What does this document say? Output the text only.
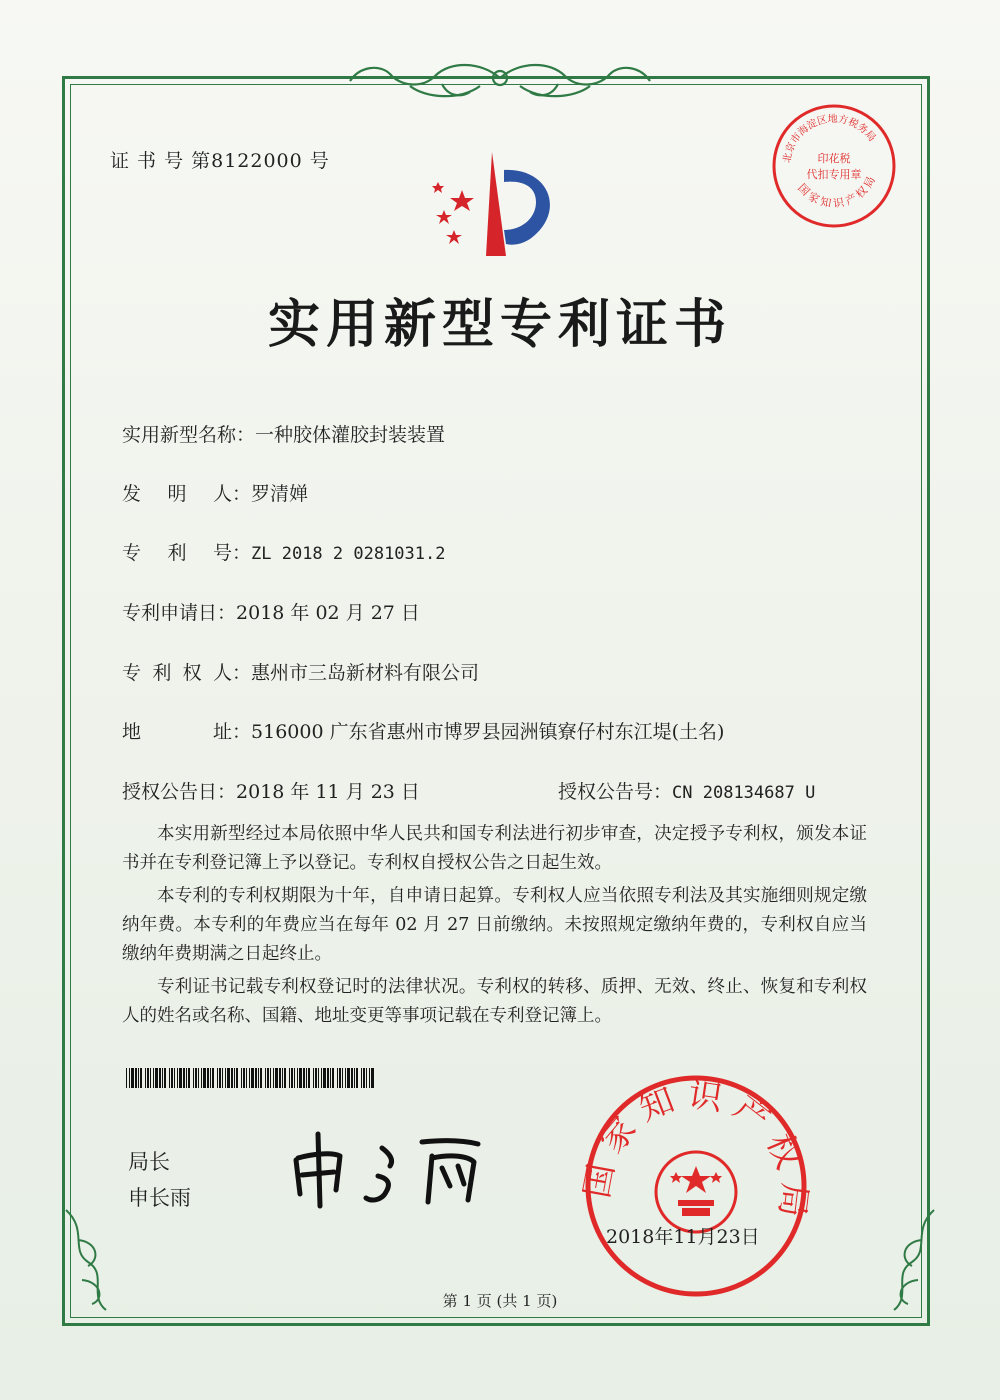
证 书 号 第8122000 号	北京市海淀区地方税务局
国家知识产权局
印花税
代扣专用章
实用新型专利证书
实用新型名称：一种胶体灌胶封装装置
发 明 人 ：罗清婵
专 利 号 ：ZL 2018 2 0281031.2
专利申请日：2018 年 02 月 27 日
专 利 权 人 ：惠州市三岛新材料有限公司
地	址 ：516000 广东省惠州市博罗县园洲镇寮仔村东江堤(土名)
授权公告日：2018 年 11 月 23 日	授权公告号：CN 208134687 U

本实用新型经过本局依照中华人民共和国专利法进行初步审查，决定授予专利权，颁发本证书并在专利登记簿上予以登记。专利权自授权公告之日起生效。

本专利的专利权期限为十年，自申请日起算。专利权人应当依照专利法及其实施细则规定缴纳年费。本专利的年费应当在每年 02 月 27 日前缴纳。未按照规定缴纳年费的，专利权自应当缴纳年费期满之日起终止。

专利证书记载专利权登记时的法律状况。专利权的转移、质押、无效、终止、恢复和专利权人的姓名或名称、国籍、地址变更等事项记载在专利登记簿上。

局长
申长雨
家知识产权
2018年11月23日
第 1 页 (共 1 页)
